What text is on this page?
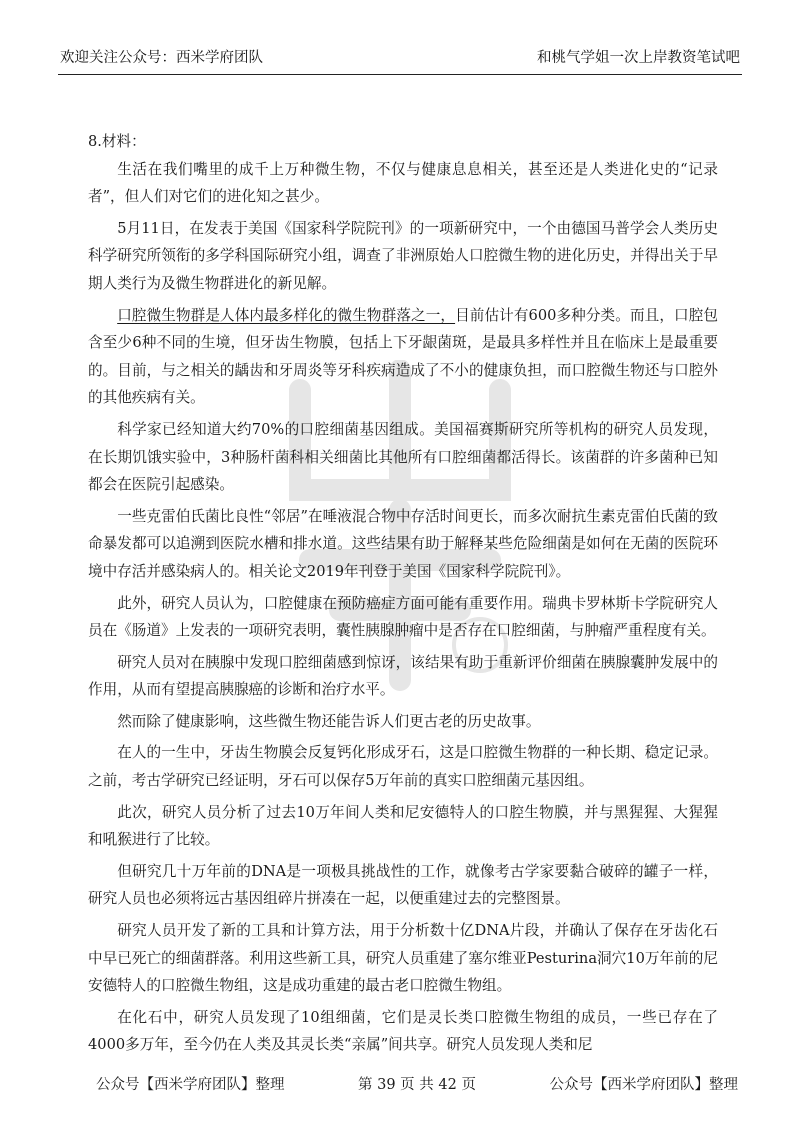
欢迎关注公众号：西米学府团队	和桃气学姐一次上岸教资笔试吧

8.材料：

生活在我们嘴里的成千上万种微生物，不仅与健康息息相关，甚至还是人类进化史的“记录者”，但人们对它们的进化知之甚少。

5月11日，在发表于美国《国家科学院院刊》的一项新研究中，一个由德国马普学会人类历史科学研究所领衔的多学科国际研究小组，调查了非洲原始人口腔微生物的进化历史，并得出关于早期人类行为及微生物群进化的新见解。

口腔微生物群是人体内最多样化的微生物群落之一，目前估计有600多种分类。而且，口腔包含至少6种不同的生境，但牙齿生物膜，包括上下牙龈菌斑，是最具多样性并且在临床上是最重要的。目前，与之相关的龋齿和牙周炎等牙科疾病造成了不小的健康负担，而口腔微生物还与口腔外的其他疾病有关。

科学家已经知道大约70%的口腔细菌基因组成。美国福赛斯研究所等机构的研究人员发现，在长期饥饿实验中，3种肠杆菌科相关细菌比其他所有口腔细菌都活得长。该菌群的许多菌种已知都会在医院引起感染。

一些克雷伯氏菌比良性“邻居”在唾液混合物中存活时间更长，而多次耐抗生素克雷伯氏菌的致命暴发都可以追溯到医院水槽和排水道。这些结果有助于解释某些危险细菌是如何在无菌的医院环境中存活并感染病人的。相关论文2019年刊登于美国《国家科学院院刊》。

此外，研究人员认为，口腔健康在预防癌症方面可能有重要作用。瑞典卡罗林斯卡学院研究人员在《肠道》上发表的一项研究表明，囊性胰腺肿瘤中是否存在口腔细菌，与肿瘤严重程度有关。

研究人员对在胰腺中发现口腔细菌感到惊讶，该结果有助于重新评价细菌在胰腺囊肿发展中的作用，从而有望提高胰腺癌的诊断和治疗水平。

然而除了健康影响，这些微生物还能告诉人们更古老的历史故事。

在人的一生中，牙齿生物膜会反复钙化形成牙石，这是口腔微生物群的一种长期、稳定记录。之前，考古学研究已经证明，牙石可以保存5万年前的真实口腔细菌元基因组。

此次，研究人员分析了过去10万年间人类和尼安德特人的口腔生物膜，并与黑猩猩、大猩猩和吼猴进行了比较。

但研究几十万年前的DNA是一项极具挑战性的工作，就像考古学家要黏合破碎的罐子一样，研究人员也必须将远古基因组碎片拼凑在一起，以便重建过去的完整图景。

研究人员开发了新的工具和计算方法，用于分析数十亿DNA片段，并确认了保存在牙齿化石中早已死亡的细菌群落。利用这些新工具，研究人员重建了塞尔维亚Pesturina洞穴10万年前的尼安德特人的口腔微生物组，这是成功重建的最古老口腔微生物组。

在化石中，研究人员发现了10组细菌，它们是灵长类口腔微生物组的成员，一些已存在了4000多万年，至今仍在人类及其灵长类“亲属”间共享。研究人员发现人类和尼

公众号【西米学府团队】整理	第 39 页 共 42 页	公众号【西米学府团队】整理
